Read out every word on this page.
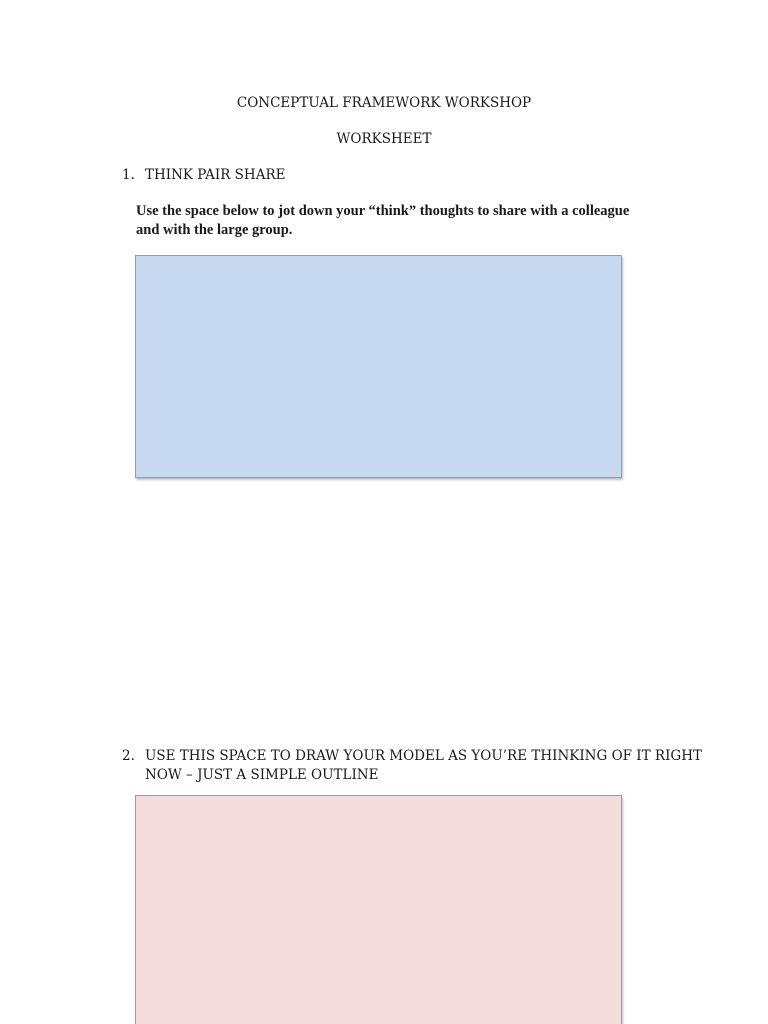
CONCEPTUAL FRAMEWORK WORKSHOP
WORKSHEET
1. THINK PAIR SHARE
Use the space below to jot down your “think” thoughts to share with a colleague
and with the large group.
2. USE THIS SPACE TO DRAW YOUR MODEL AS YOU’RE THINKING OF IT RIGHT
NOW – JUST A SIMPLE OUTLINE
